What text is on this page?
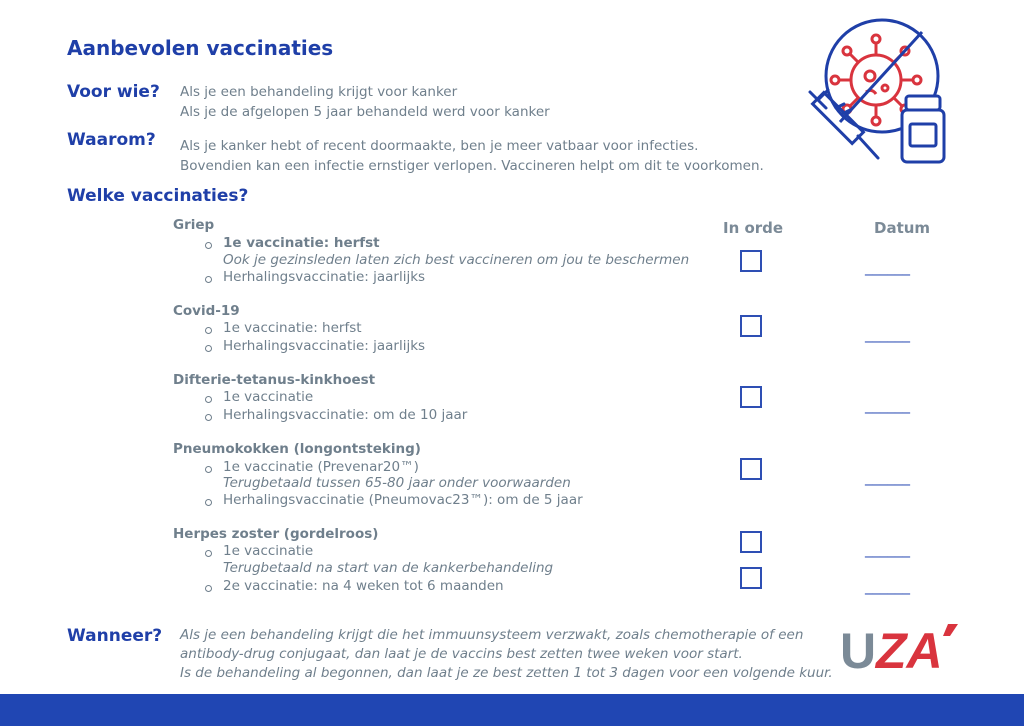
Aanbevolen vaccinaties
Voor wie? Als je een behandeling krijgt voor kanker
Als je de afgelopen 5 jaar behandeld werd voor kanker
Waarom? Als je kanker hebt of recent doormaakte, ben je meer vatbaar voor infecties.
Bovendien kan een infectie ernstiger verlopen. Vaccineren helpt om dit te voorkomen.
Welke vaccinaties?
In orde	Datum
Griep
1e vaccinatie: herfst
Ook je gezinsleden laten zich best vaccineren om jou te beschermen
Herhalingsvaccinatie: jaarlijks
______
Covid-19
1e vaccinatie: herfst
Herhalingsvaccinatie: jaarlijks
______
Difterie-tetanus-kinkhoest
1e vaccinatie
Herhalingsvaccinatie: om de 10 jaar
______
Pneumokokken (longontsteking)
1e vaccinatie (Prevenar20™)
Terugbetaald tussen 65-80 jaar onder voorwaarden
Herhalingsvaccinatie (Pneumovac23™): om de 5 jaar
______
Herpes zoster (gordelroos)
1e vaccinatie
Terugbetaald na start van de kankerbehandeling
2e vaccinatie: na 4 weken tot 6 maanden
______
______
Wanneer? Als je een behandeling krijgt die het immuunsysteem verzwakt, zoals chemotherapie of een
antibody-drug conjugaat, dan laat je de vaccins best zetten twee weken voor start.
Is de behandeling al begonnen, dan laat je ze best zetten 1 tot 3 dagen voor een volgende kuur. U ZA
